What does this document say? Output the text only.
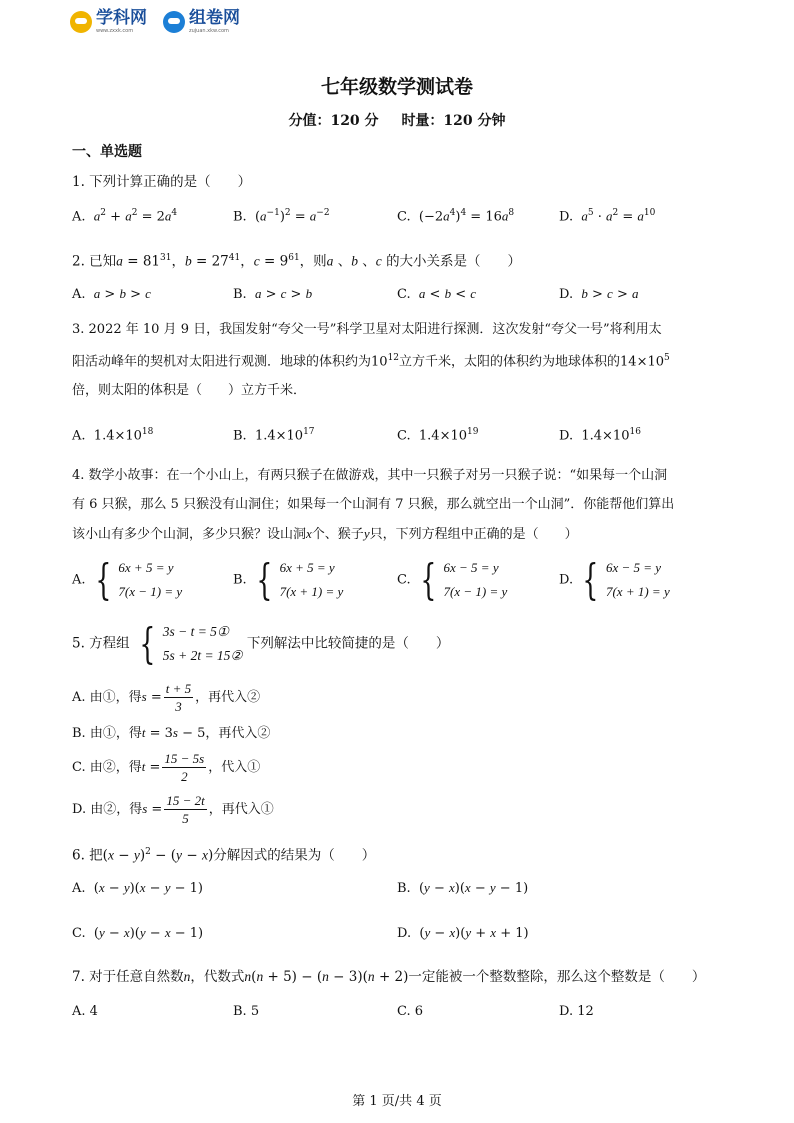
学科网
www.zxxk.com
组卷网
zujuan.xkw.com
七年级数学测试卷
分值：120 分 时量：120 分钟
一、单选题
1. 下列计算正确的是（　　）
A. $a^2 + a^2 = 2a^4$	B.  $(a^{-1})^2 = a^{-2}$	C.  $(-2a^4)^4 = 16a^8$	D. $a^5 \cdot a^2 = a^{10}$
2. 已知$a = 81^{31}$，$b = 27^{41}$，$c = 9^{61}$，则a 、b 、c 的大小关系是（　　）
A. a > b > c	B. a > c > b	C. a < b < c	D. b > c > a
3. 2022 年 10 月 9 日，我国发射“夸父一号”科学卫星对太阳进行探测．这次发射“夸父一号”将利用太
阳活动峰年的契机对太阳进行观测．地球的体积约为$10^{12}$立方千米，太阳的体积约为地球体积的$14\times 10^5$
倍，则太阳的体积是（　　）立方千米．
A.  $1.4\times 10^{18}$	B.  $1.4\times 10^{17}$	C.  $1.4\times 10^{19}$	D.  $1.4\times 10^{16}$
4. 数学小故事：在一个小山上，有两只猴子在做游戏，其中一只猴子对另一只猴子说：“如果每一个山洞
有 6 只猴，那么 5 只猴没有山洞住；如果每一个山洞有 7 只猴，那么就空出一个山洞”．你能帮他们算出
该小山有多少个山洞，多少只猴？设山洞x个、猴子y只，下列方程组中正确的是（　　）
A. { 6x + 5 = y
7(x − 1) = y
B. { 6x + 5 = y
7(x + 1) = y
C. { 6x − 5 = y
7(x − 1) = y
D. { 6x − 5 = y
7(x + 1) = y
5. 方程组 { 3s − t = 5①
5s + 2t = 15②
下列解法中比较简捷的是（　　）
A. 由①，得$s = \frac{t + 5}{3}$ ，再代入②
B. 由①，得t = 3s − 5，再代入②
C. 由②，得$t = \frac{15 - 5s}{2}$ ，代入①
D. 由②，得$s = \frac{15 - 2t}{5}$ ，再代入①
6. 把$(x - y)^2 - (y - x)$分解因式的结果为（　　）
A.  (x − y)(x − y − 1)	B.  (y − x)(x − y − 1)
C.  (y − x)(y − x − 1)	D.  (y − x)(y + x + 1)
7. 对于任意自然数n，代数式n(n + 5) − (n − 3)(n + 2)一定能被一个整数整除，那么这个整数是（　　）
A. 4	B. 5	C. 6	D. 12
第 1 页/共 4 页
